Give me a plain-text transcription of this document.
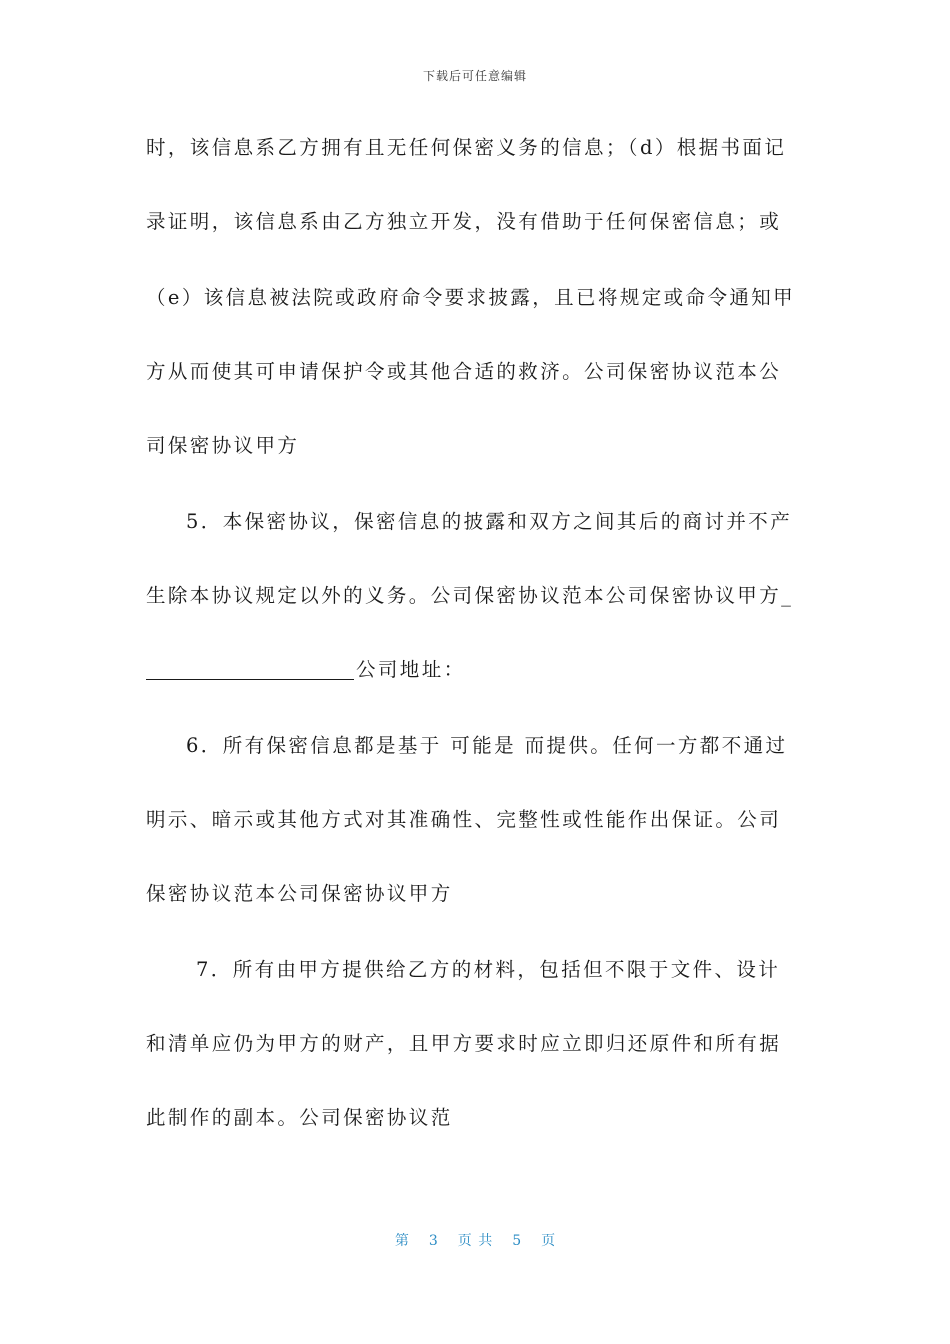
下载后可任意编辑
时，该信息系乙方拥有且无任何保密义务的信息；（d）根据书面记
录证明，该信息系由乙方独立开发，没有借助于任何保密信息；或
（e）该信息被法院或政府命令要求披露，且已将规定或命令通知甲
方从而使其可申请保护令或其他合适的救济。公司保密协议范本公
司保密协议甲方
5．本保密协议，保密信息的披露和双方之间其后的商讨并不产
生除本协议规定以外的义务。公司保密协议范本公司保密协议甲方_
公司地址：
6．所有保密信息都是基于 可能是 而提供。任何一方都不通过
明示、暗示或其他方式对其准确性、完整性或性能作出保证。公司
保密协议范本公司保密协议甲方
7．所有由甲方提供给乙方的材料，包括但不限于文件、设计
和清单应仍为甲方的财产，且甲方要求时应立即归还原件和所有据
此制作的副本。公司保密协议范
第 3 页 共 5 页
